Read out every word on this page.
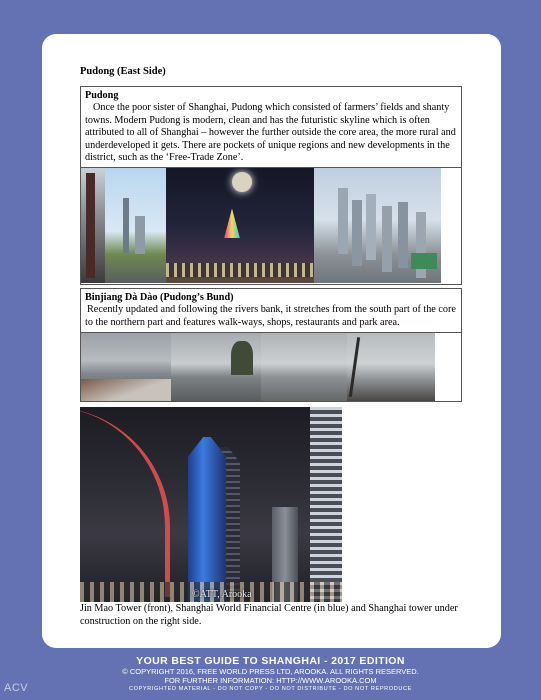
Pudong (East Side)
Pudong
Once the poor sister of Shanghai, Pudong which consisted of farmers’ fields and shanty towns. Modern Pudong is modern, clean and has the futuristic skyline which is often attributed to all of Shanghai – however the further outside the core area, the more rural and underdeveloped it gets. There are pockets of unique regions and new developments in the district, such as the ‘Free-Trade Zone’.
Binjiang Dà Dào (Pudong’s Bund)
Recently updated and following the rivers bank, it stretches from the south part of the core to the northern part and features walk-ways, shops, restaurants and park area.
©ATT, Arooka
Jin Mao Tower (front), Shanghai World Financial Centre (in blue) and Shanghai tower under construction on the right side.
YOUR BEST GUIDE TO SHANGHAI - 2017 EDITION
© COPYRIGHT 2016, FREE WORLD PRESS LTD, AROOKA. ALL RIGHTS RESERVED.
FOR FURTHER INFORMATION: HTTP://WWW.AROOKA.COM
COPYRIGHTED MATERIAL - DO NOT COPY - DO NOT DISTRIBUTE - DO NOT REPRODUCE
ACV
